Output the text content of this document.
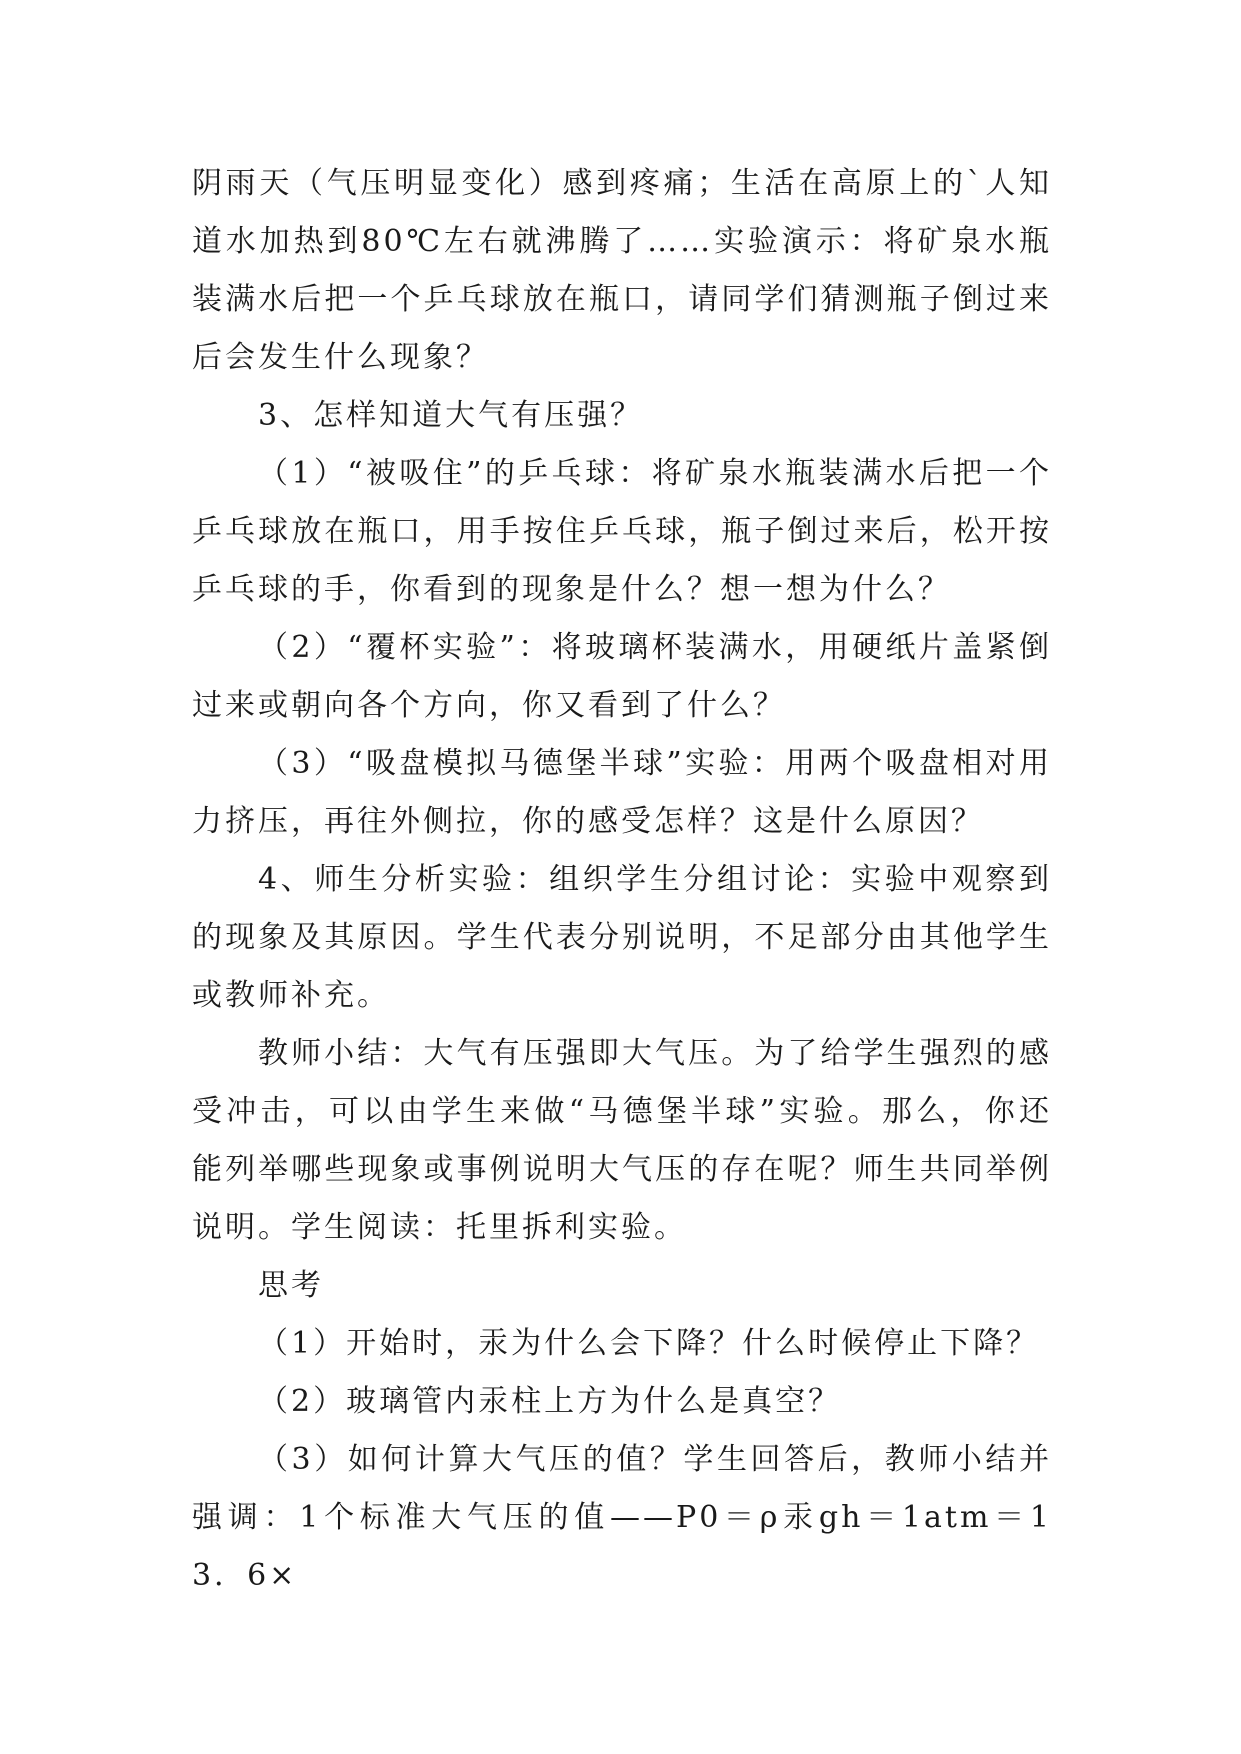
阴雨天（气压明显变化）感到疼痛；生活在高原上的`人知道水加热到80℃左右就沸腾了……实验演示：将矿泉水瓶装满水后把一个乒乓球放在瓶口，请同学们猜测瓶子倒过来后会发生什么现象？

3、怎样知道大气有压强？

（1）“被吸住”的乒乓球：将矿泉水瓶装满水后把一个乒乓球放在瓶口，用手按住乒乓球，瓶子倒过来后，松开按乒乓球的手，你看到的现象是什么？想一想为什么？

（2）“覆杯实验”：将玻璃杯装满水，用硬纸片盖紧倒过来或朝向各个方向，你又看到了什么？

（3）“吸盘模拟马德堡半球”实验：用两个吸盘相对用力挤压，再往外侧拉，你的感受怎样？这是什么原因？

4、师生分析实验：组织学生分组讨论：实验中观察到的现象及其原因。学生代表分别说明，不足部分由其他学生或教师补充。

教师小结：大气有压强即大气压。为了给学生强烈的感受冲击，可以由学生来做“马德堡半球”实验。那么，你还能列举哪些现象或事例说明大气压的存在呢？师生共同举例说明。学生阅读：托里拆利实验。

思考

（1）开始时，汞为什么会下降？什么时候停止下降？

（2）玻璃管内汞柱上方为什么是真空？

（3）如何计算大气压的值？学生回答后，教师小结并强调：1个标准大气压的值——P0＝ρ汞gh＝1atm＝13．6×
